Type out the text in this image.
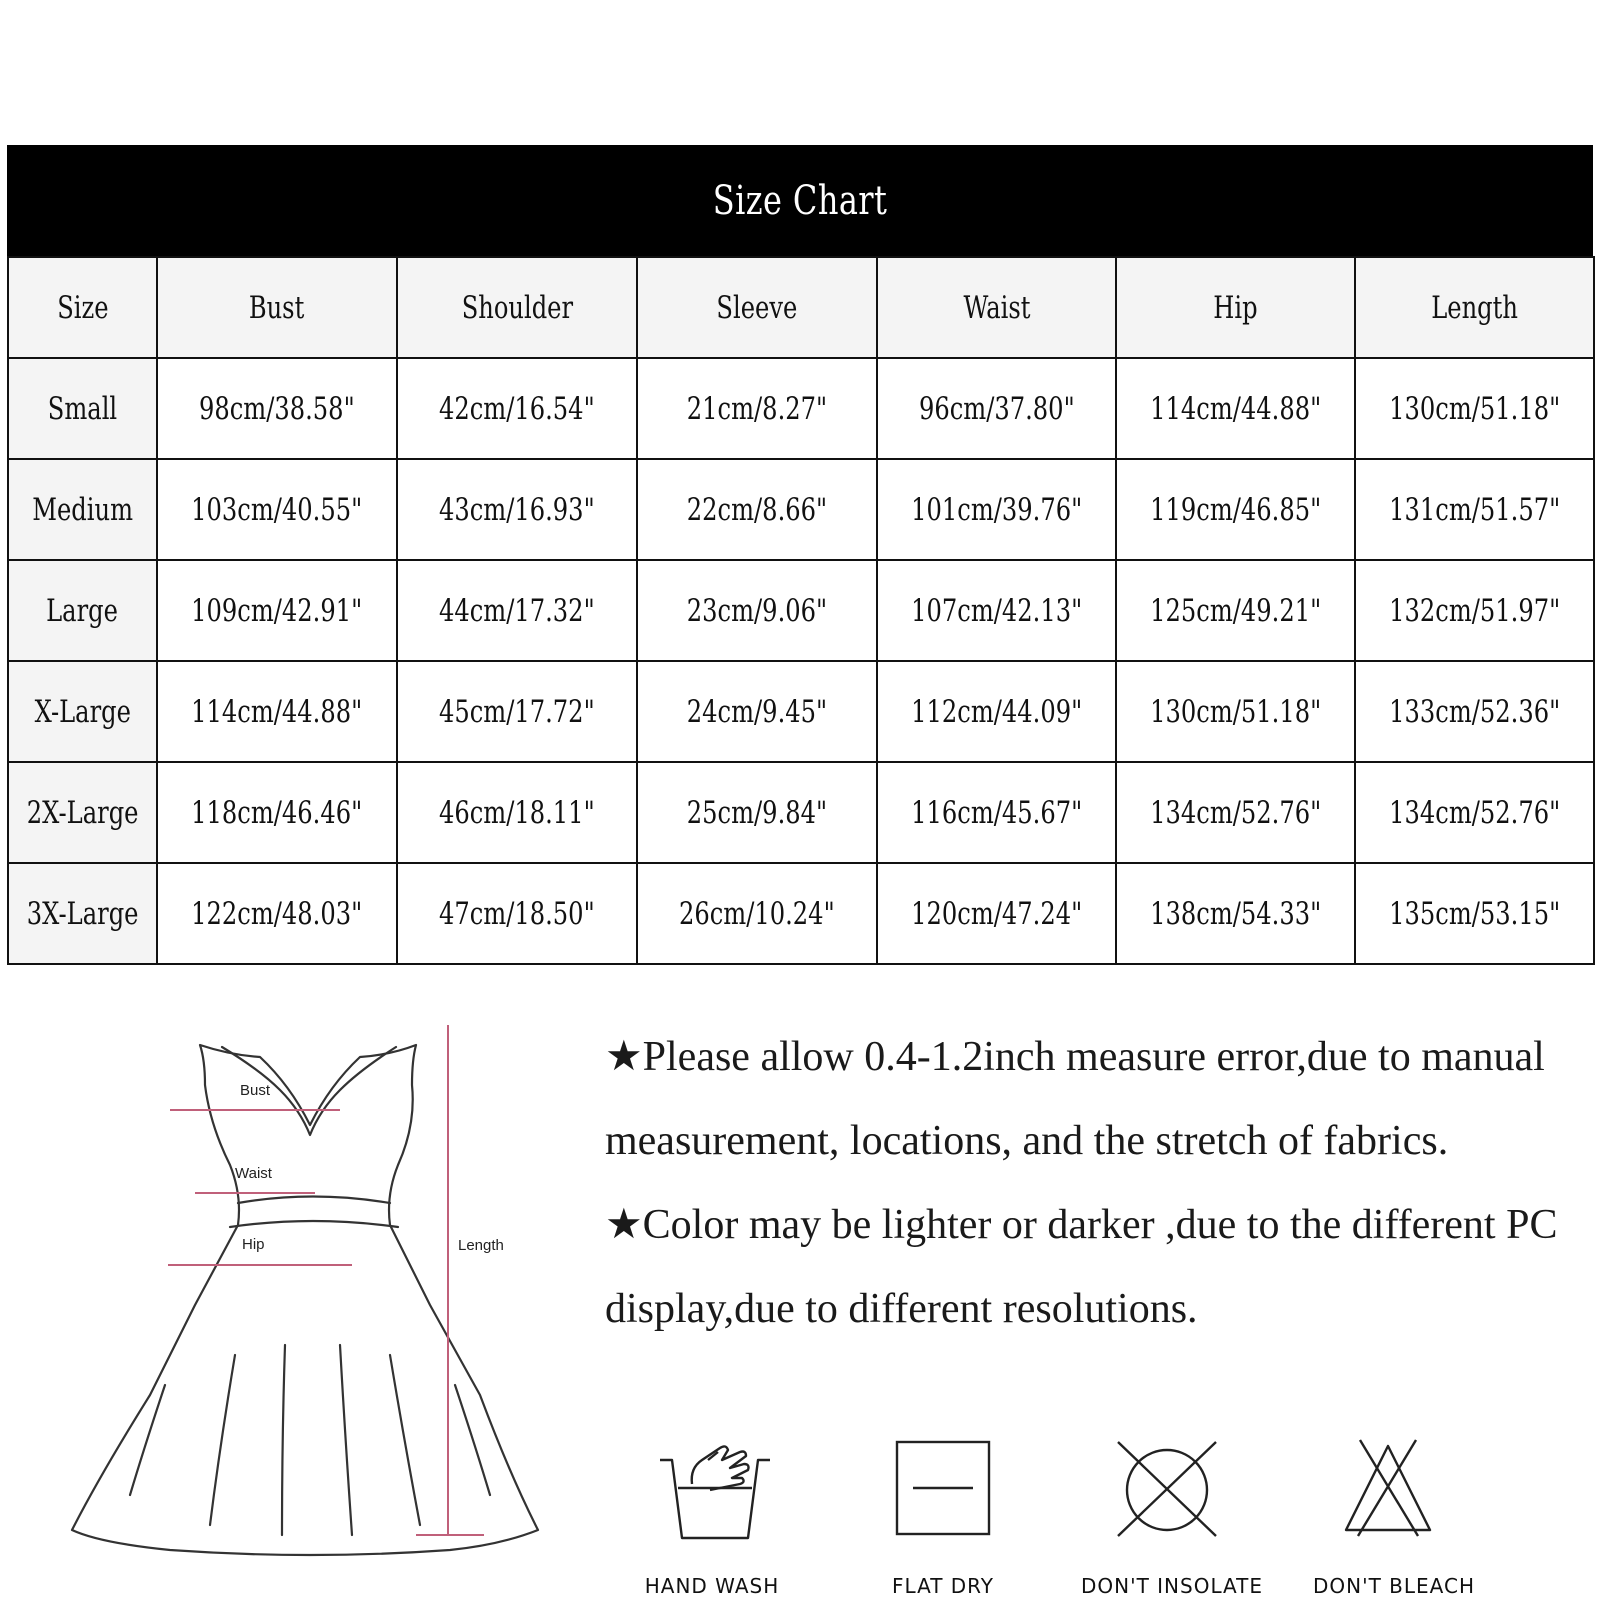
Size Chart
Size	Bust	Shoulder	Sleeve	Waist	Hip	Length
Small	98cm/38.58"	42cm/16.54"	21cm/8.27"	96cm/37.80"	114cm/44.88"	130cm/51.18"
Medium	103cm/40.55"	43cm/16.93"	22cm/8.66"	101cm/39.76"	119cm/46.85"	131cm/51.57"
Large	109cm/42.91"	44cm/17.32"	23cm/9.06"	107cm/42.13"	125cm/49.21"	132cm/51.97"
X-Large	114cm/44.88"	45cm/17.72"	24cm/9.45"	112cm/44.09"	130cm/51.18"	133cm/52.36"
2X-Large	118cm/46.46"	46cm/18.11"	25cm/9.84"	116cm/45.67"	134cm/52.76"	134cm/52.76"
3X-Large	122cm/48.03"	47cm/18.50"	26cm/10.24"	120cm/47.24"	138cm/54.33"	135cm/53.15"
Bust
Waist
Hip	Length

★Please allow 0.4-1.2inch measure error,due to manual measurement, locations, and the stretch of fabrics.

★Color may be lighter or darker ,due to the different PC display,due to different resolutions.

HAND WASH	FLAT DRY	DON'T INSOLATE DON'T BLEACH
